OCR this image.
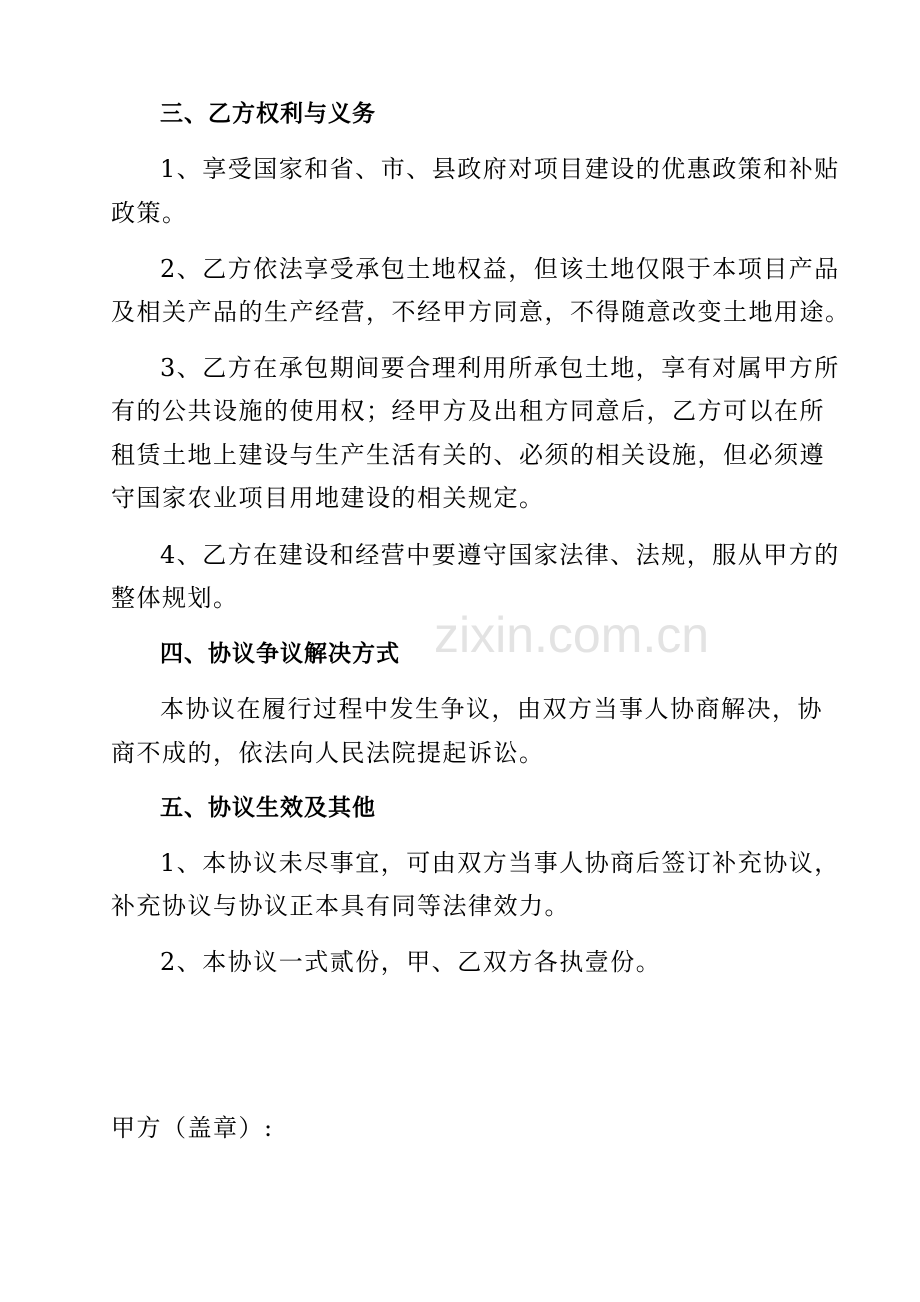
三、乙方权利与义务
1、享受国家和省、市、县政府对项目建设的优惠政策和补贴
政策。
2、乙方依法享受承包土地权益，但该土地仅限于本项目产品
及相关产品的生产经营，不经甲方同意，不得随意改变土地用途。
3、乙方在承包期间要合理利用所承包土地，享有对属甲方所
有的公共设施的使用权；经甲方及出租方同意后，乙方可以在所
租赁土地上建设与生产生活有关的、必须的相关设施，但必须遵
守国家农业项目用地建设的相关规定。
4、乙方在建设和经营中要遵守国家法律、法规，服从甲方的
整体规划。
四、协议争议解决方式
本协议在履行过程中发生争议，由双方当事人协商解决，协
商不成的，依法向人民法院提起诉讼。
五、协议生效及其他
1、本协议未尽事宜，可由双方当事人协商后签订补充协议，
补充协议与协议正本具有同等法律效力。
2、本协议一式贰份，甲、乙双方各执壹份。
甲方（盖章）:
zixin.com.cn
